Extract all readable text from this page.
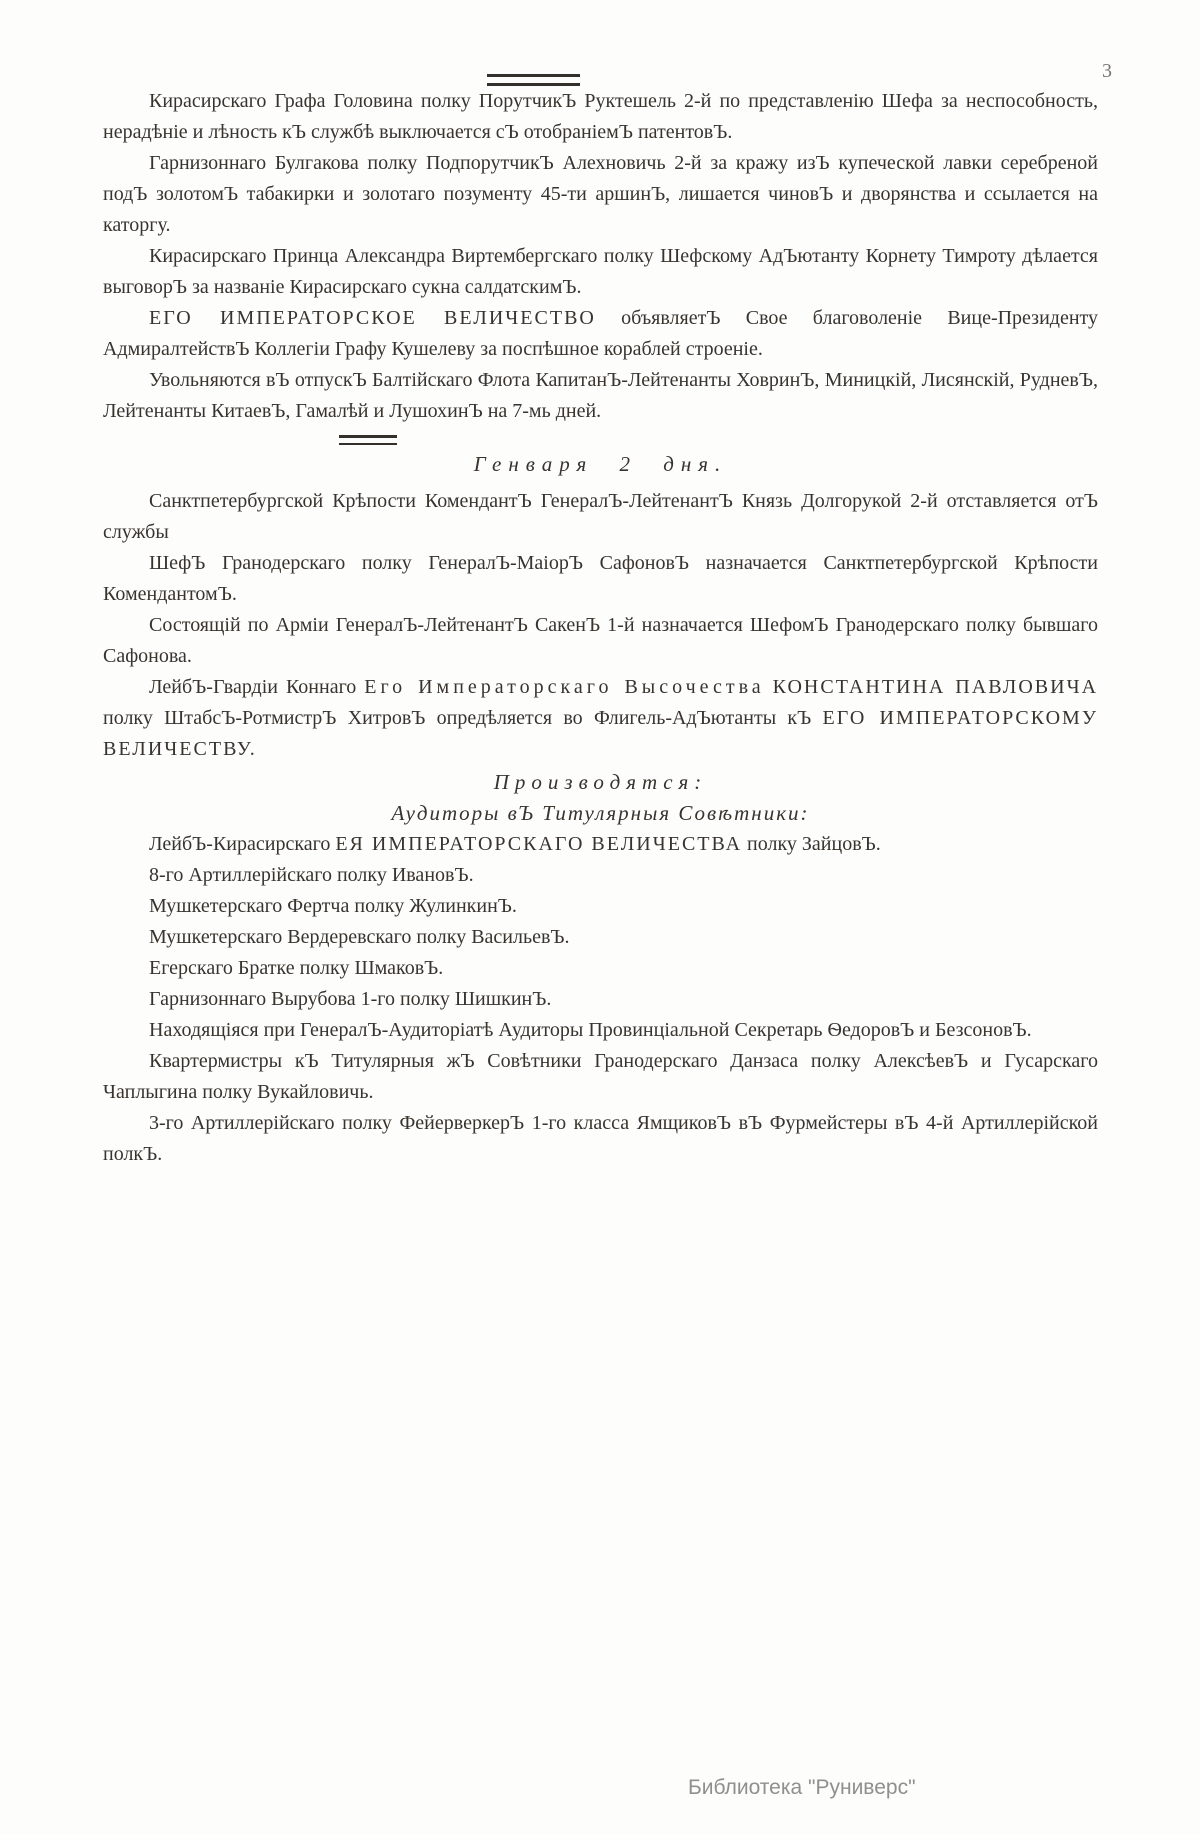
3

Кирасирскаго Графа Головина полку ПорутчикЪ Руктешель 2-й по представленію Шефа за неспособность, нерадѣніе и лѣность кЪ службѣ выключается сЪ отобраніемЪ патентовЪ.

Гарнизоннаго Булгакова полку ПодпорутчикЪ Алехновичь 2-й за кражу изЪ купеческой лавки серебреной подЪ золотомЪ табакирки и золотаго позументу 45-ти аршинЪ, лишается чиновЪ и дворянства и ссылается на каторгу.

Кирасирскаго Принца Александра Виртембергскаго полку Шефскому АдЪютанту Корнету Тимроту дѣлается выговорЪ за названіе Кирасирскаго сукна салдатскимЪ.

ЕГО ИМПЕРАТОРСКОЕ ВЕЛИЧЕСТВО объявляетЪ Свое благоволеніе Вице-Президенту АдмиралтействЪ Коллегіи Графу Кушелеву за поспѣшное кораблей строеніе.

Увольняются вЪ отпускЪ Балтійскаго Флота КапитанЪ-Лейтенанты ХовринЪ, Миницкій, Лисянскій, РудневЪ, Лейтенанты КитаевЪ, Гамалѣй и ЛушохинЪ на 7-мь дней.

Генваря 2 дня.

Санктпетербургской Крѣпости КомендантЪ ГенералЪ-ЛейтенантЪ Князь Долгорукой 2-й отставляется отЪ службы

ШефЪ Гранодерскаго полку ГенералЪ-МаіорЪ СафоновЪ назначается Санктпетербургской Крѣпости КомендантомЪ.

Состоящій по Арміи ГенералЪ-ЛейтенантЪ СакенЪ 1-й назначается ШефомЪ Гранодерскаго полку бывшаго Сафонова.

ЛейбЪ-Гвардіи Коннаго Его Императорскаго Высочества КОНСТАНТИНА ПАВЛОВИЧА полку ШтабсЪ-РотмистрЪ ХитровЪ опредѣляется во Флигель-АдЪютанты кЪ ЕГО ИМПЕРАТОРСКОМУ ВЕЛИЧЕСТВУ.

Производятся:

Аудиторы вЪ Титулярныя Совѣтники:

ЛейбЪ-Кирасирскаго ЕЯ ИМПЕРАТОРСКАГО ВЕЛИЧЕСТВА полку ЗайцовЪ.

8-го Артиллерійскаго полку ИвановЪ.

Мушкетерскаго Фертча полку ЖулинкинЪ.

Мушкетерскаго Вердеревскаго полку ВасильевЪ.

Егерскаго Братке полку ШмаковЪ.

Гарнизоннаго Вырубова 1-го полку ШишкинЪ.

Находящіяся при ГенералЪ-Аудиторіатѣ Аудиторы Провинціальной Секретарь ѲедоровЪ и БезсоновЪ.

Квартермистры кЪ Титулярныя жЪ Совѣтники Гранодерскаго Данзаса полку АлексѣевЪ и Гусарскаго Чаплыгина полку Вукайловичь.

3-го Артиллерійскаго полку ФейерверкерЪ 1-го класса ЯмщиковЪ вЪ Фурмейстеры вЪ 4-й Артиллерійской полкЪ.

Библиотека "Руниверс"
